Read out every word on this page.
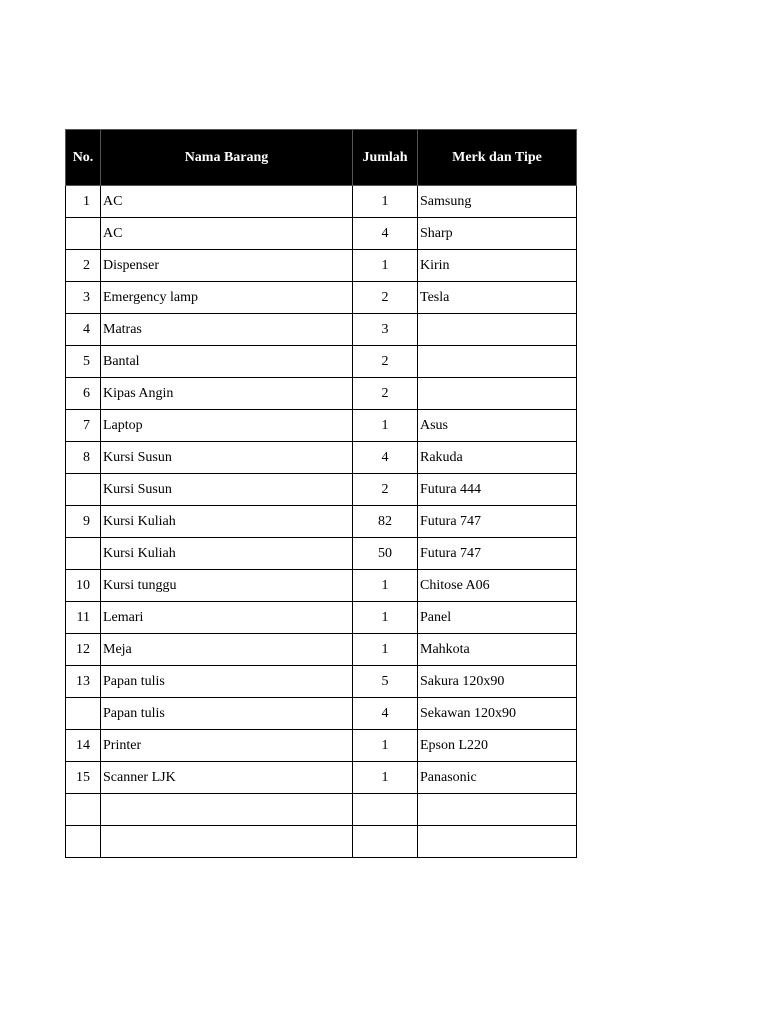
No.	Nama Barang	Jumlah	Merk dan Tipe
1	AC	1	Samsung
	AC	4	Sharp
2	Dispenser	1	Kirin
3	Emergency lamp	2	Tesla
4	Matras	3	
5	Bantal	2	
6	Kipas Angin	2	
7	Laptop	1	Asus
8	Kursi Susun	4	Rakuda
	Kursi Susun	2	Futura 444
9	Kursi Kuliah	82	Futura 747
	Kursi Kuliah	50	Futura 747
10	Kursi tunggu	1	Chitose A06
11	Lemari	1	Panel
12	Meja	1	Mahkota
13	Papan tulis	5	Sakura 120x90
	Papan tulis	4	Sekawan 120x90
14	Printer	1	Epson L220
15	Scanner LJK	1	Panasonic
